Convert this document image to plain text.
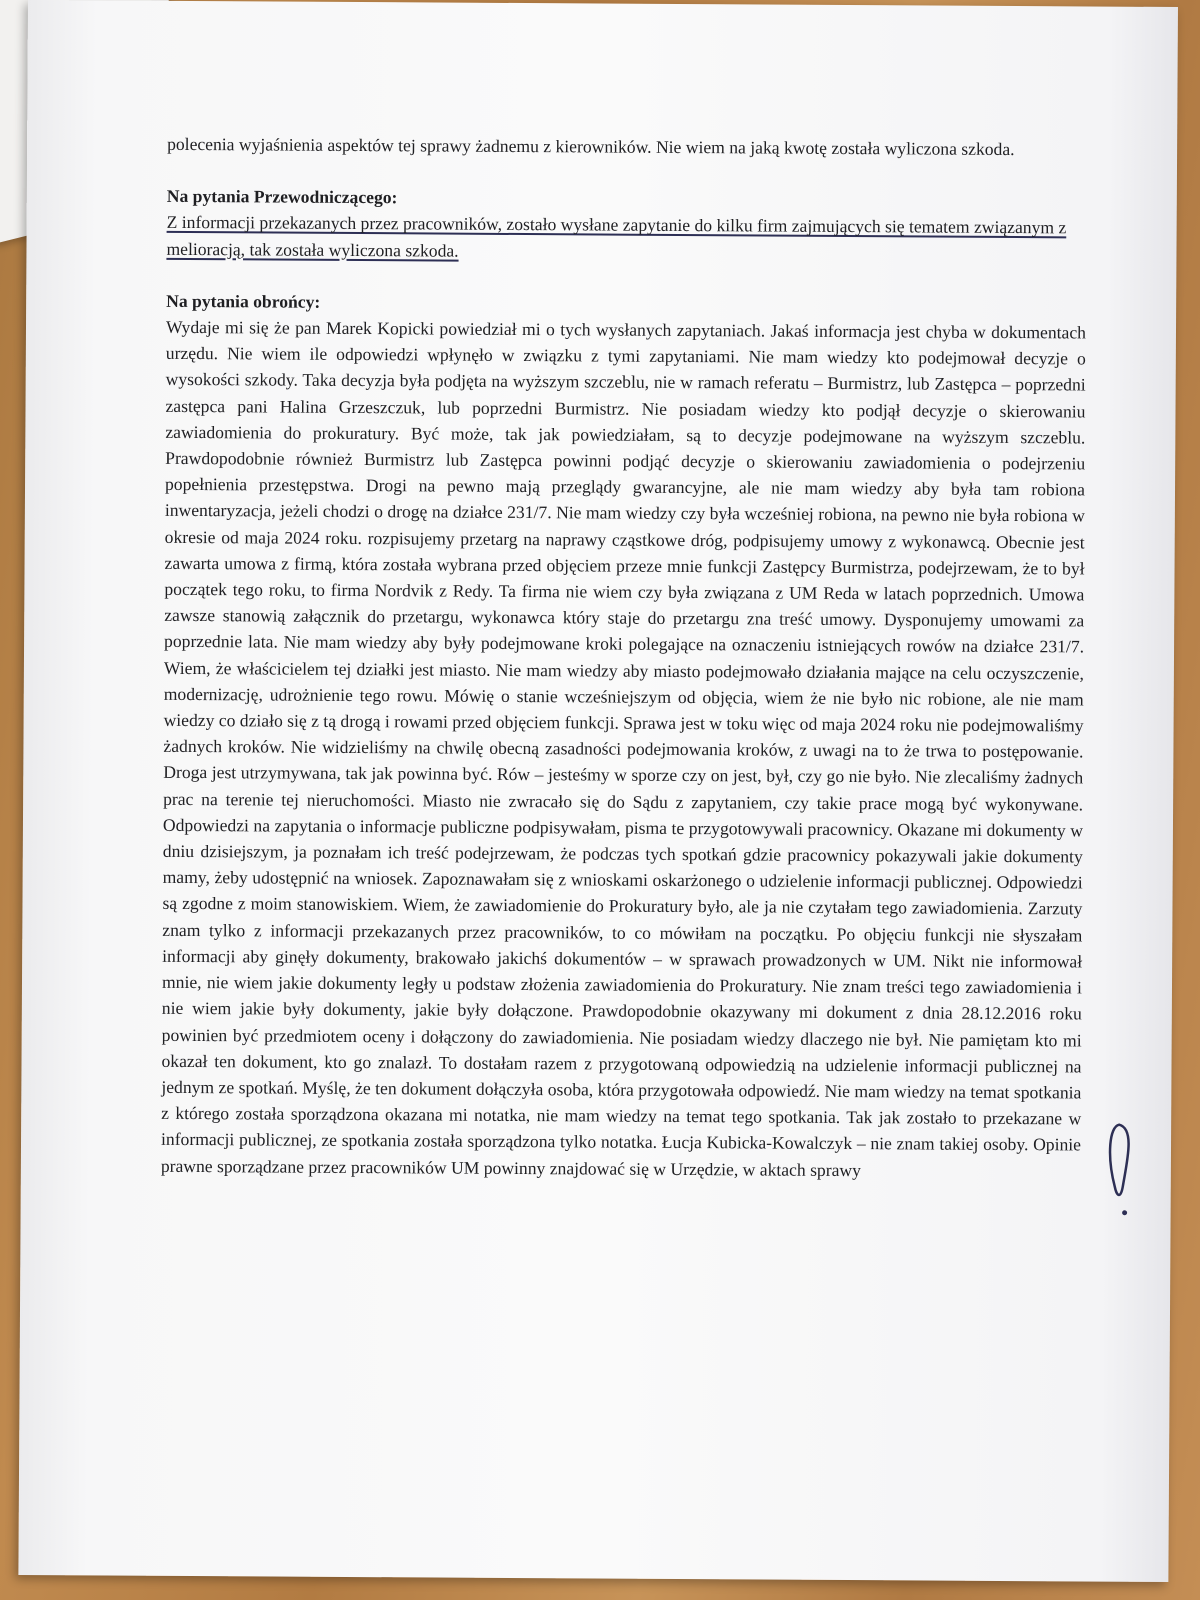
polecenia wyjaśnienia aspektów tej sprawy żadnemu z kierowników. Nie wiem na jaką kwotę została wyliczona szkoda.

Na pytania Przewodniczącego:

Z informacji przekazanych przez pracowników, zostało wysłane zapytanie do kilku firm zajmujących się tematem związanym z melioracją, tak została wyliczona szkoda.

Na pytania obrońcy:

Wydaje mi się że pan Marek Kopicki powiedział mi o tych wysłanych zapytaniach. Jakaś informacja jest chyba w dokumentach urzędu. Nie wiem ile odpowiedzi wpłynęło w związku z tymi zapytaniami. Nie mam wiedzy kto podejmował decyzje o wysokości szkody. Taka decyzja była podjęta na wyższym szczeblu, nie w ramach referatu – Burmistrz, lub Zastępca – poprzedni zastępca pani Halina Grzeszczuk, lub poprzedni Burmistrz. Nie posiadam wiedzy kto podjął decyzje o skierowaniu zawiadomienia do prokuratury. Być może, tak jak powiedziałam, są to decyzje podejmowane na wyższym szczeblu. Prawdopodobnie również Burmistrz lub Zastępca powinni podjąć decyzje o skierowaniu zawiadomienia o podejrzeniu popełnienia przestępstwa. Drogi na pewno mają przeglądy gwarancyjne, ale nie mam wiedzy aby była tam robiona inwentaryzacja, jeżeli chodzi o drogę na działce 231/7. Nie mam wiedzy czy była wcześniej robiona, na pewno nie była robiona w okresie od maja 2024 roku. rozpisujemy przetarg na naprawy cząstkowe dróg, podpisujemy umowy z wykonawcą. Obecnie jest zawarta umowa z firmą, która została wybrana przed objęciem przeze mnie funkcji Zastępcy Burmistrza, podejrzewam, że to był początek tego roku, to firma Nordvik z Redy. Ta firma nie wiem czy była związana z UM Reda w latach poprzednich. Umowa zawsze stanowią załącznik do przetargu, wykonawca który staje do przetargu zna treść umowy. Dysponujemy umowami za poprzednie lata. Nie mam wiedzy aby były podejmowane kroki polegające na oznaczeniu istniejących rowów na działce 231/7. Wiem, że właścicielem tej działki jest miasto. Nie mam wiedzy aby miasto podejmowało działania mające na celu oczyszczenie, modernizację, udrożnienie tego rowu. Mówię o stanie wcześniejszym od objęcia, wiem że nie było nic robione, ale nie mam wiedzy co działo się z tą drogą i rowami przed objęciem funkcji. Sprawa jest w toku więc od maja 2024 roku nie podejmowaliśmy żadnych kroków. Nie widzieliśmy na chwilę obecną zasadności podejmowania kroków, z uwagi na to że trwa to postępowanie. Droga jest utrzymywana, tak jak powinna być. Rów – jesteśmy w sporze czy on jest, był, czy go nie było. Nie zlecaliśmy żadnych prac na terenie tej nieruchomości. Miasto nie zwracało się do Sądu z zapytaniem, czy takie prace mogą być wykonywane. Odpowiedzi na zapytania o informacje publiczne podpisywałam, pisma te przygotowywali pracownicy. Okazane mi dokumenty w dniu dzisiejszym, ja poznałam ich treść podejrzewam, że podczas tych spotkań gdzie pracownicy pokazywali jakie dokumenty mamy, żeby udostępnić na wniosek. Zapoznawałam się z wnioskami oskarżonego o udzielenie informacji publicznej. Odpowiedzi są zgodne z moim stanowiskiem. Wiem, że zawiadomienie do Prokuratury było, ale ja nie czytałam tego zawiadomienia. Zarzuty znam tylko z informacji przekazanych przez pracowników, to co mówiłam na początku. Po objęciu funkcji nie słyszałam informacji aby ginęły dokumenty, brakowało jakichś dokumentów – w sprawach prowadzonych w UM. Nikt nie informował mnie, nie wiem jakie dokumenty legły u podstaw złożenia zawiadomienia do Prokuratury. Nie znam treści tego zawiadomienia i nie wiem jakie były dokumenty, jakie były dołączone. Prawdopodobnie okazywany mi dokument z dnia 28.12.2016 roku powinien być przedmiotem oceny i dołączony do zawiadomienia. Nie posiadam wiedzy dlaczego nie był. Nie pamiętam kto mi okazał ten dokument, kto go znalazł. To dostałam razem z przygotowaną odpowiedzią na udzielenie informacji publicznej na jednym ze spotkań. Myślę, że ten dokument dołączyła osoba, która przygotowała odpowiedź. Nie mam wiedzy na temat spotkania z którego została sporządzona okazana mi notatka, nie mam wiedzy na temat tego spotkania. Tak jak zostało to przekazane w informacji publicznej, ze spotkania została sporządzona tylko notatka. Łucja Kubicka-Kowalczyk – nie znam takiej osoby. Opinie prawne sporządzane przez pracowników UM powinny znajdować się w Urzędzie, w aktach sprawy
